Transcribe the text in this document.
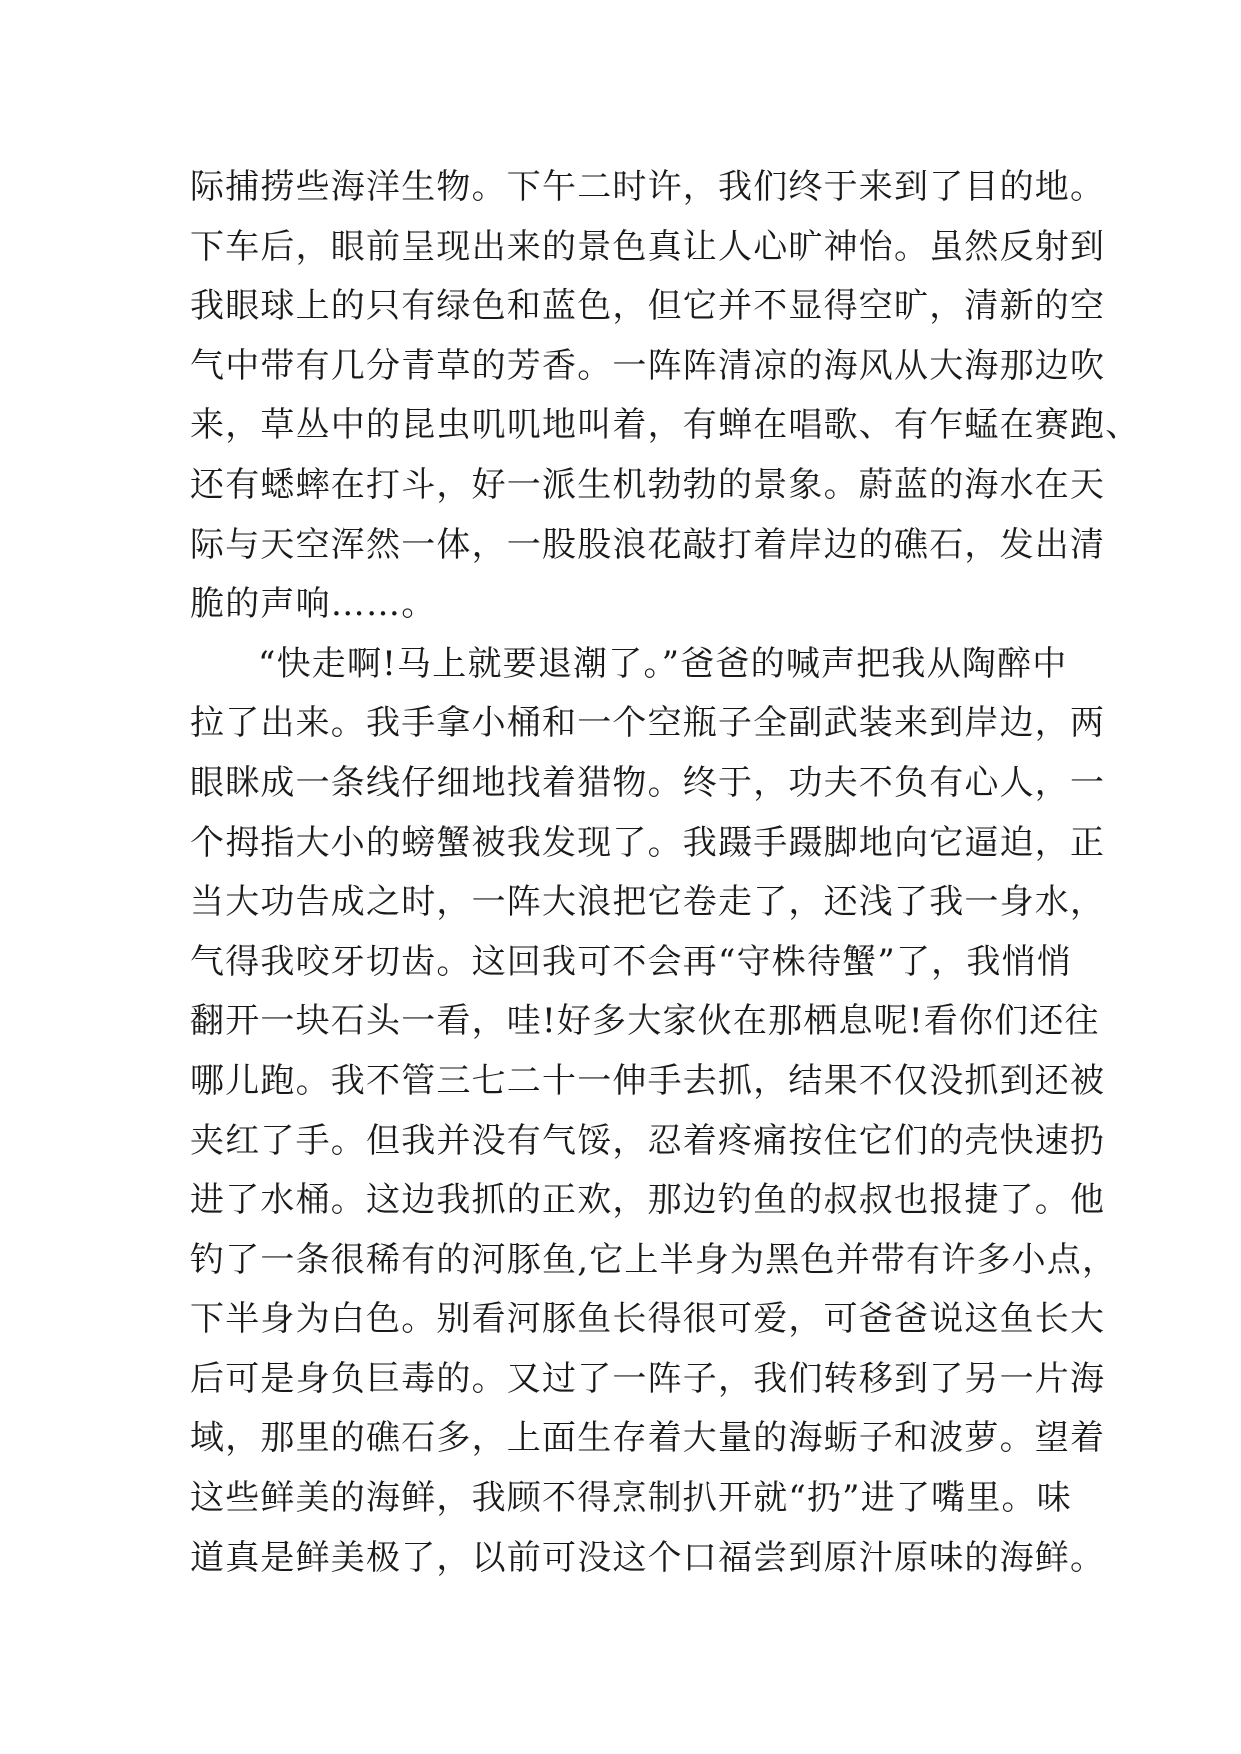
际捕捞些海洋生物。下午二时许，我们终于来到了目的地。
下车后，眼前呈现出来的景色真让人心旷神怡。虽然反射到
我眼球上的只有绿色和蓝色，但它并不显得空旷，清新的空
气中带有几分青草的芳香。一阵阵清凉的海风从大海那边吹
来，草丛中的昆虫叽叽地叫着，有蝉在唱歌、有乍蜢在赛跑、
还有蟋蟀在打斗，好一派生机勃勃的景象。蔚蓝的海水在天
际与天空浑然一体，一股股浪花敲打着岸边的礁石，发出清
脆的声响……。
“快走啊!马上就要退潮了。”爸爸的喊声把我从陶醉中
拉了出来。我手拿小桶和一个空瓶子全副武装来到岸边，两
眼眯成一条线仔细地找着猎物。终于，功夫不负有心人，一
个拇指大小的螃蟹被我发现了。我蹑手蹑脚地向它逼迫，正
当大功告成之时，一阵大浪把它卷走了，还浅了我一身水，
气得我咬牙切齿。这回我可不会再“守株待蟹”了，我悄悄
翻开一块石头一看，哇!好多大家伙在那栖息呢!看你们还往
哪儿跑。我不管三七二十一伸手去抓，结果不仅没抓到还被
夹红了手。但我并没有气馁，忍着疼痛按住它们的壳快速扔
进了水桶。这边我抓的正欢，那边钓鱼的叔叔也报捷了。他
钓了一条很稀有的河豚鱼,它上半身为黑色并带有许多小点，
下半身为白色。别看河豚鱼长得很可爱，可爸爸说这鱼长大
后可是身负巨毒的。又过了一阵子，我们转移到了另一片海
域，那里的礁石多，上面生存着大量的海蛎子和波萝。望着
这些鲜美的海鲜，我顾不得烹制扒开就“扔”进了嘴里。味
道真是鲜美极了，以前可没这个口福尝到原汁原味的海鲜。
